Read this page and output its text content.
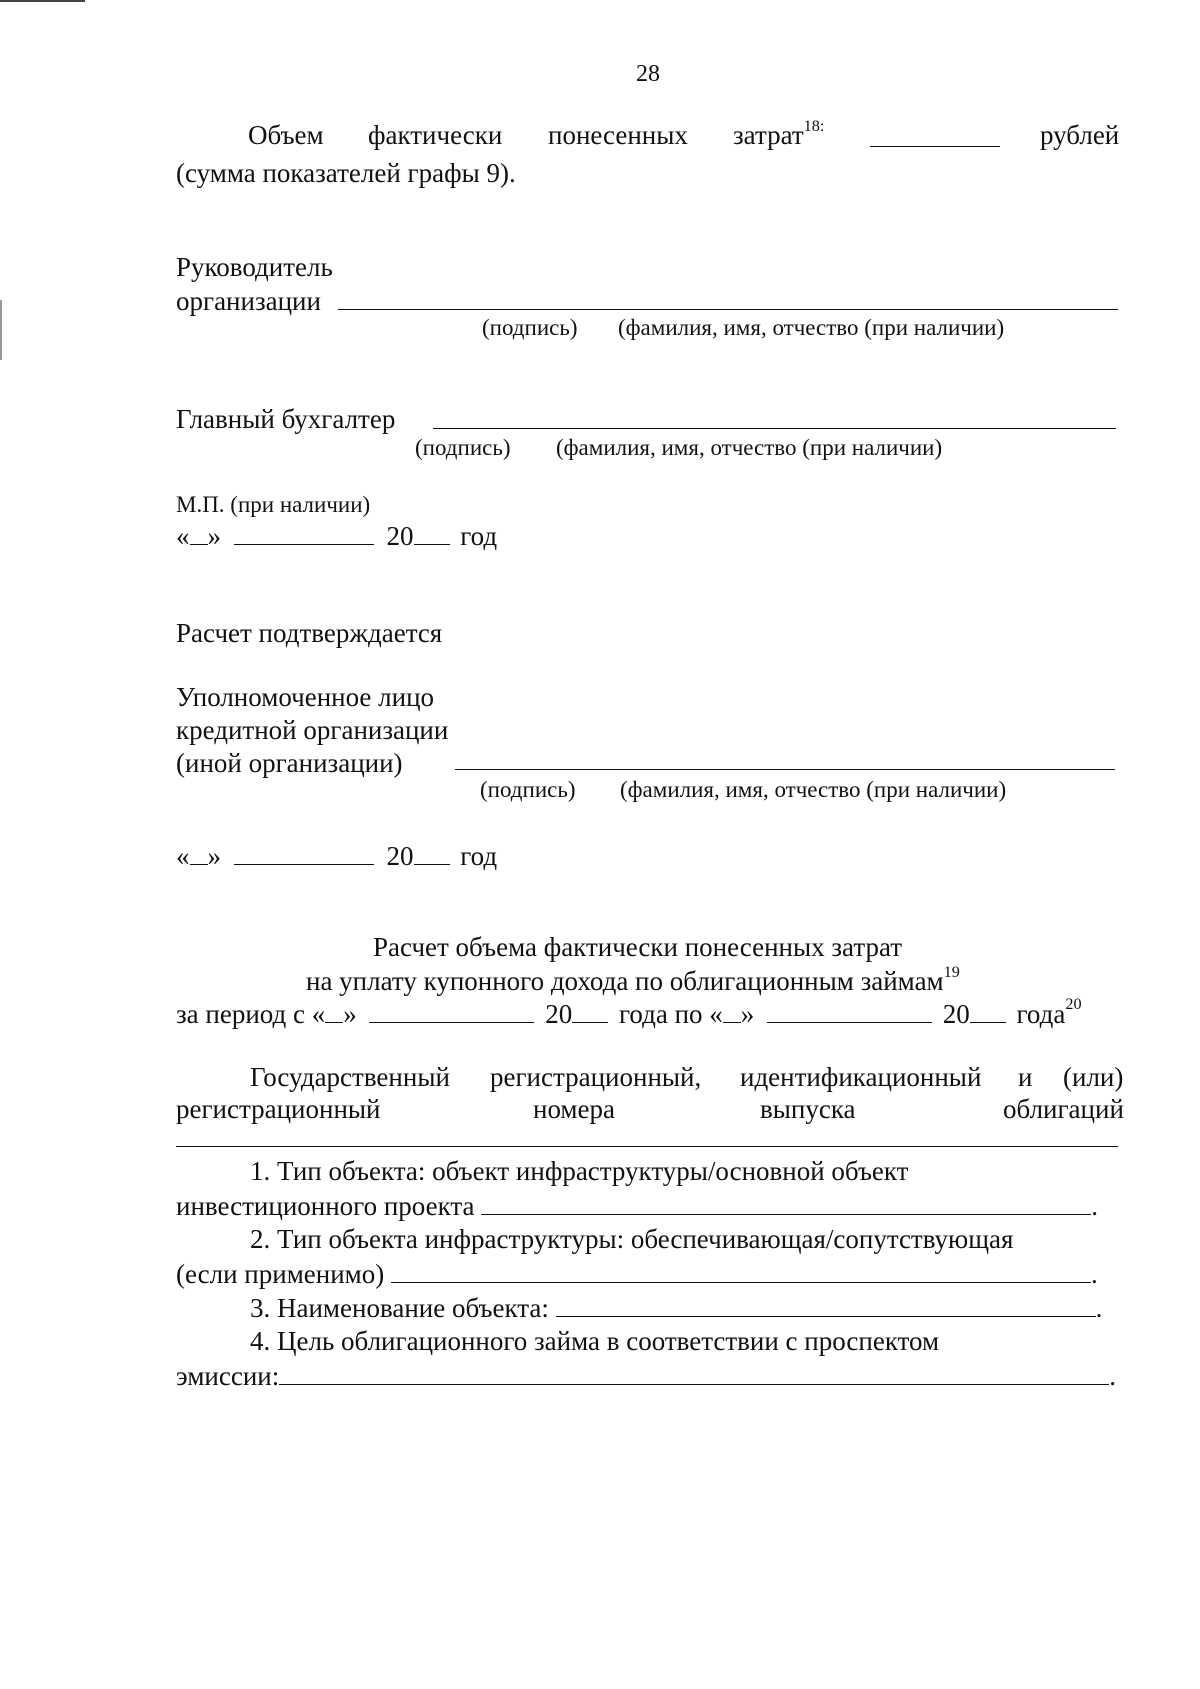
28
Объем фактически понесенных затрат$^{18:}$	рублей
(сумма показателей графы 9).
Руководитель
организации
(подпись) (фамилия, имя, отчество (при наличии)
Главный бухгалтер
(подпись) (фамилия, имя, отчество (при наличии)
М.П. (при наличии)
« »	20 год
Расчет подтверждается
Уполномоченное лицо
кредитной организации
(иной организации)
(подпись) (фамилия, имя, отчество (при наличии)
« »	20 год
Расчет объема фактически понесенных затрат
на уплату купонного дохода по облигационным займам$^{19}$
за период с « »	20 года по « »	20 года$^{20}$
Государственный регистрационный, идентификационный и (или)
регистрационный	номера	выпуска	облигаций
1. Тип объекта: объект инфраструктуры/основной объект
инвестиционного проекта	.
2. Тип объекта инфраструктуры: обеспечивающая/сопутствующая
(если применимо)	.
3. Наименование объекта:	.
4. Цель облигационного займа в соответствии с проспектом
эмиссии:	.
